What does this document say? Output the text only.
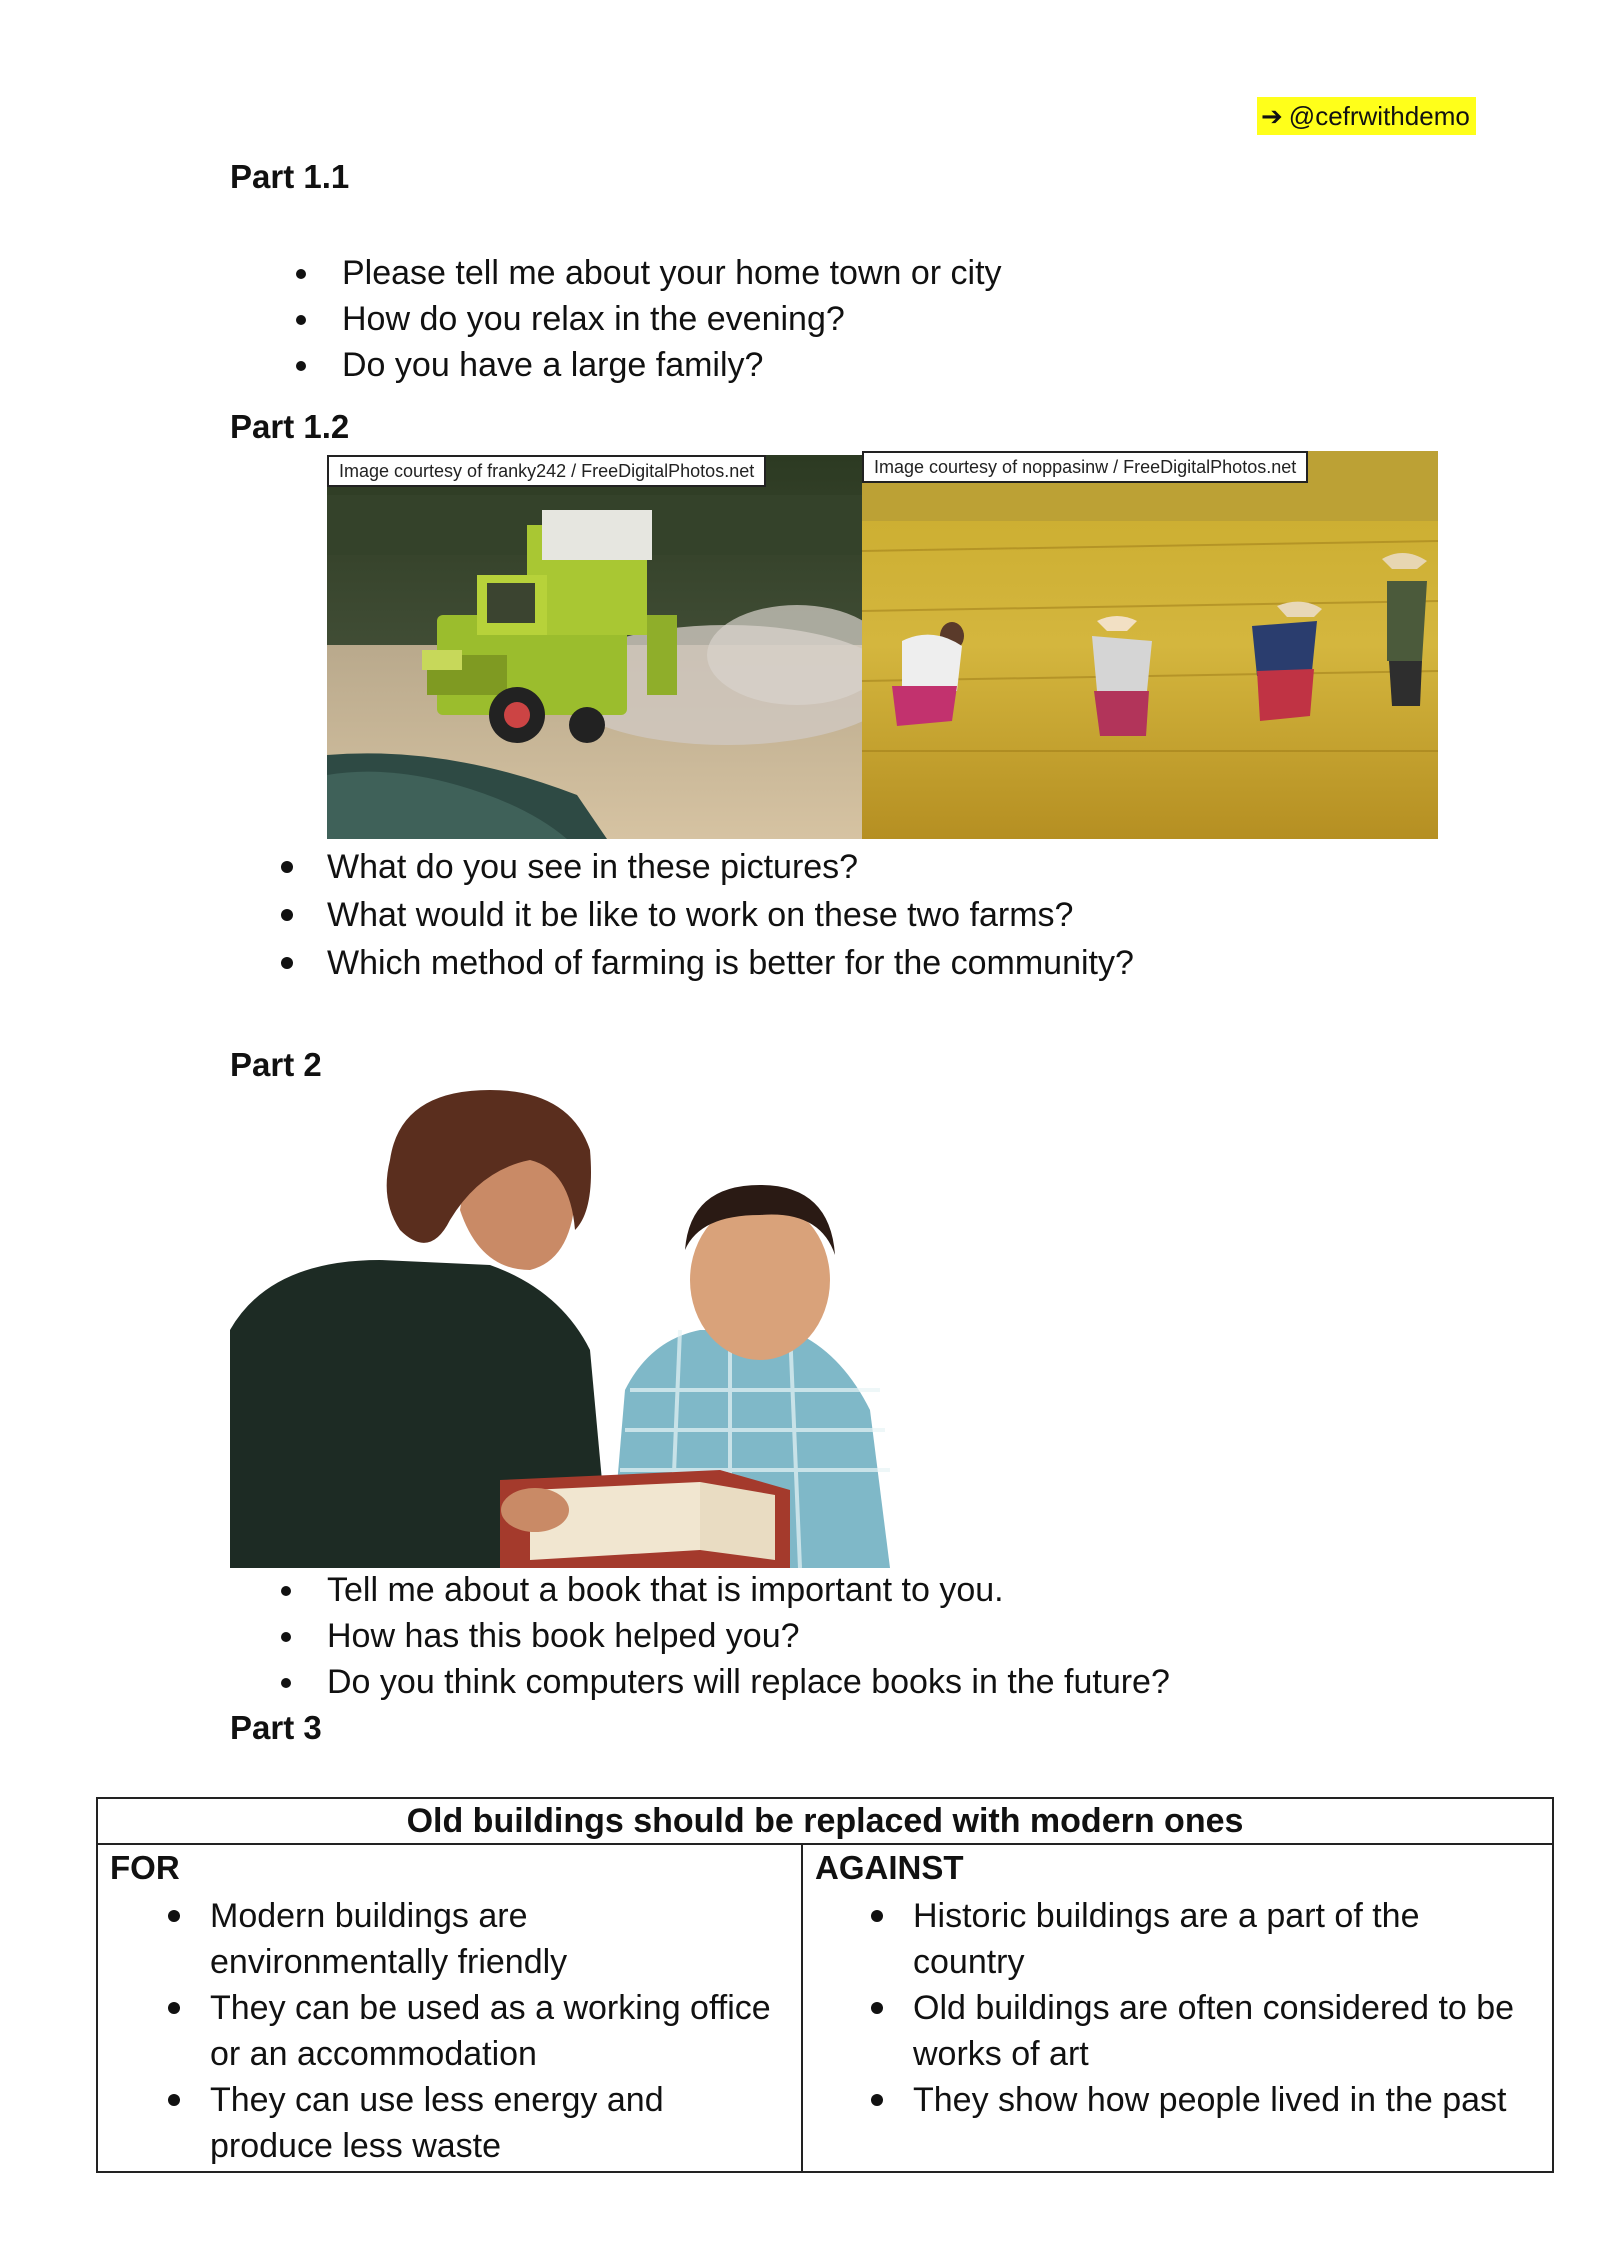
➔ @cefrwithdemo
Part 1.1
Please tell me about your home town or city
How do you relax in the evening?
Do you have a large family?
Part 1.2
Image courtesy of franky242 / FreeDigitalPhotos.net	Image courtesy of noppasinw / FreeDigitalPhotos.net
What do you see in these pictures?
What would it be like to work on these two farms?
Which method of farming is better for the community?
Part 2
Tell me about a book that is important to you.
How has this book helped you?
Do you think computers will replace books in the future?
Part 3
Old buildings should be replaced with modern ones

FOR
Modern buildings are environmentally friendly
They can be used as a working office or an accommodation
They can use less energy and produce less waste

AGAINST
Historic buildings are a part of the country
Old buildings are often considered to be works of art
They show how people lived in the past
